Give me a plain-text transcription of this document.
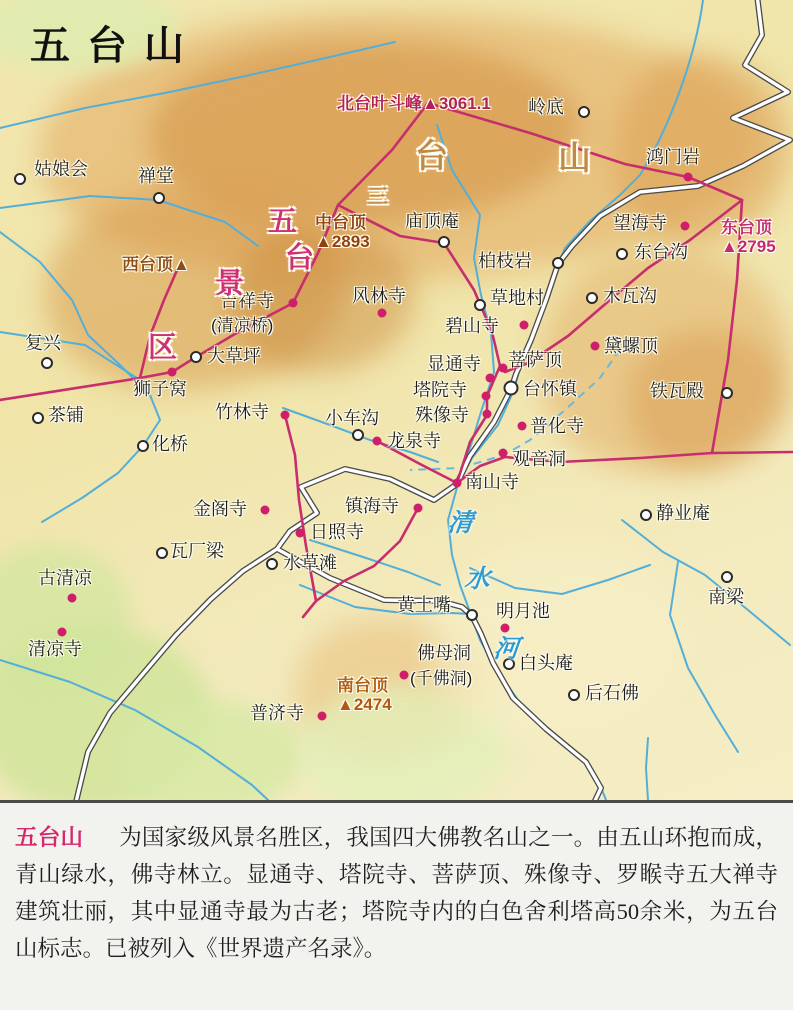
五台山
姑娘会	禅堂
岭底
东台沟
木瓦沟
庙顶庵
柏枝岩
草地村
复兴
大草坪
茶铺
化桥
小车沟
瓦厂梁
水草滩
黄土嘴
白头庵
后石佛
静业庵
南梁
铁瓦殿
台怀镇
鸿门岩
望海寺
风林寺
吉祥寺
(清凉桥)	碧山寺
黛螺顶
狮子窝
显通寺 菩萨顶
塔院寺
殊像寺
竹林寺
龙泉寺
普化寺
观音洞
南山寺
金阁寺	镇海寺
日照寺
古清凉
清凉寺
明月池
佛母洞
(千佛洞)
普济寺
北台叶斗峰▲3061.1
东台顶
▲2795
西台顶▲
中台顶
▲2893
南台顶
▲2474
五
台
景
区
台	山
三
清
水
河
五台山 为国家级风景名胜区，我国四大佛教名山之一。由五山环抱而成，青山绿水，佛寺林立。显通寺、塔院寺、菩萨顶、殊像寺、罗睺寺五大禅寺建筑壮丽，其中显通寺最为古老；塔院寺内的白色舍利塔高50余米，为五台山标志。已被列入《世界遗产名录》。
